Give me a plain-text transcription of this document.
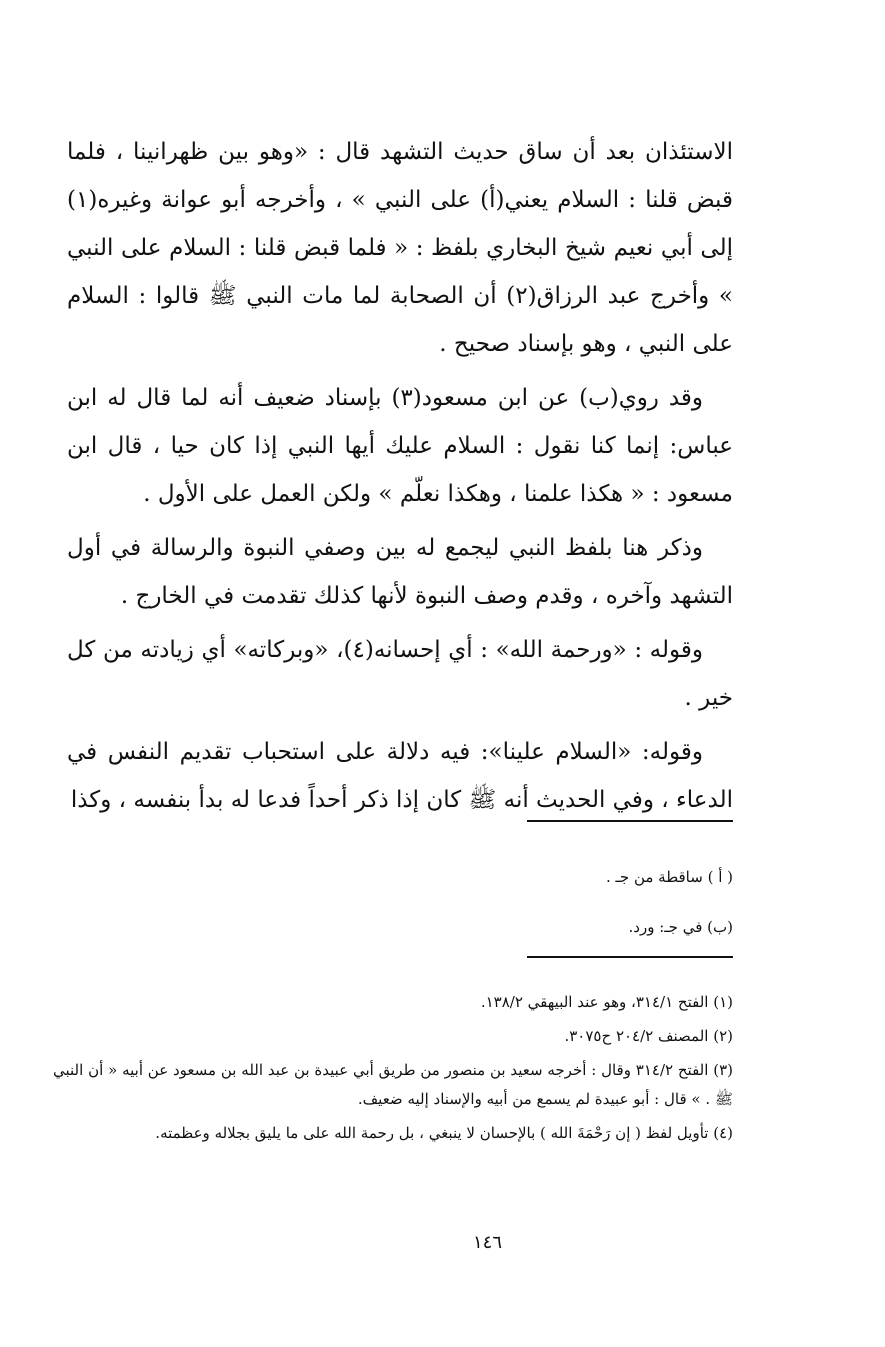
الاستئذان بعد أن ساق حديث التشهد قال : «وهو بين ظهرانينا ، فلما قبض قلنا : السلام يعني(أ) على النبي » ، وأخرجه أبو عوانة وغيره(١) إلى أبي نعيم شيخ البخاري بلفظ : « فلما قبض قلنا : السلام على النبي » وأخرج عبد الرزاق(٢) أن الصحابة لما مات النبي ﷺ قالوا : السلام على النبي ، وهو بإسناد صحيح .

وقد روي(ب) عن ابن مسعود(٣) بإسناد ضعيف أنه لما قال له ابن عباس: إنما كنا نقول : السلام عليك أيها النبي إذا كان حيا ، قال ابن مسعود : « هكذا علمنا ، وهكذا نعلّم » ولكن العمل على الأول .

وذكر هنا بلفظ النبي ليجمع له بين وصفي النبوة والرسالة في أول التشهد وآخره ، وقدم وصف النبوة لأنها كذلك تقدمت في الخارج .

وقوله : «ورحمة الله» : أي إحسانه(٤)، «وبركاته» أي زيادته من كل خير .

وقوله: «السلام علينا»: فيه دلالة على استحباب تقديم النفس في الدعاء ، وفي الحديث أنه ﷺ كان إذا ذكر أحداً فدعا له بدأ بنفسه ، وكذا

( أ ) ساقطة من جـ .
(ب) في جـ: ورد.
(١) الفتح ٣١٤/١، وهو عند البيهقي ١٣٨/٢.
(٢) المصنف ٢٠٤/٢ ح٣٠٧٥.
(٣) الفتح ٣١٤/٢ وقال : أخرجه سعيد بن منصور من طريق أبي عبيدة بن عبد الله بن مسعود عن أبيه « أن النبي ﷺ . » قال : أبو عبيدة لم يسمع من أبيه والإسناد إليه ضعيف.
(٤) تأويل لفظ ( إن رَحْمَةَ الله ) بالإحسان لا ينبغي ، بل رحمة الله على ما يليق بجلاله وعظمته.
١٤٦
